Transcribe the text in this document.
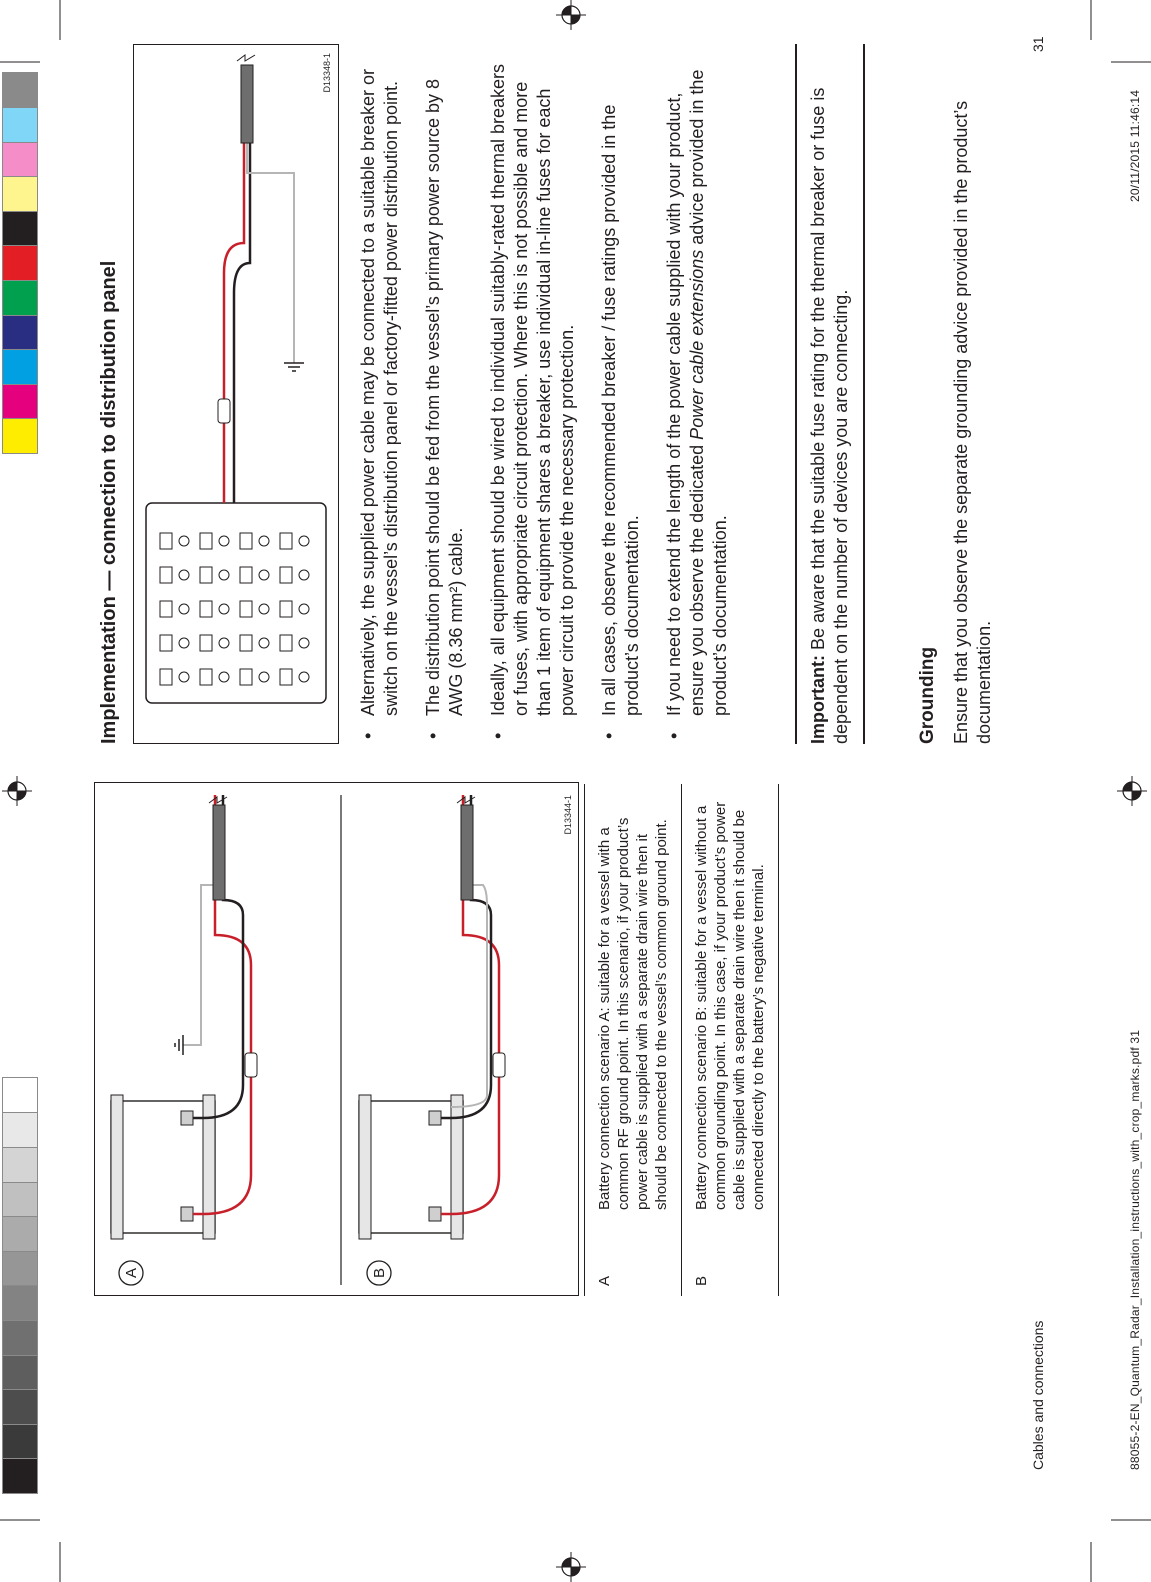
A	B
D13344-1
A	Battery connection scenario A: suitable for a vessel with a common RF ground point. In this scenario, if your product’s power cable is supplied with a separate drain wire then it should be connected to the vessel’s common ground point.
B	Battery connection scenario B: suitable for a vessel without a common grounding point. In this case, if your product’s power cable is supplied with a separate drain wire then it should be connected directly to the battery’s negative terminal.
Implementation — connection to distribution panel
D13348-1 • Alternatively, the supplied power cable may be connected to a suitable breaker or switch on the vessel’s distribution panel or factory-fitted power distribution point. • The distribution point should be fed from the vessel’s primary power source by 8 AWG (8.36 mm²) cable. • Ideally, all equipment should be wired to individual suitably-rated thermal breakers or fuses, with appropriate circuit protection. Where this is not possible and more than 1 item of equipment shares a breaker, use individual in-line fuses for each power circuit to provide the necessary protection. • In all cases, observe the recommended breaker / fuse ratings provided in the product’s documentation. • If you need to extend the length of the power cable supplied with your product, ensure you observe the dedicated Power cable extensions advice provided in the product’s documentation.	Important: Be aware that the suitable fuse rating for the thermal breaker or fuse is dependent on the number of devices you are connecting.	Grounding Ensure that you observe the separate grounding advice provided in the product’s documentation.

Cables and connections
31
88055-2-EN_Quantum_Radar_Installation_instructions_with_crop_marks.pdf 31
20/11/2015 11:46:14
